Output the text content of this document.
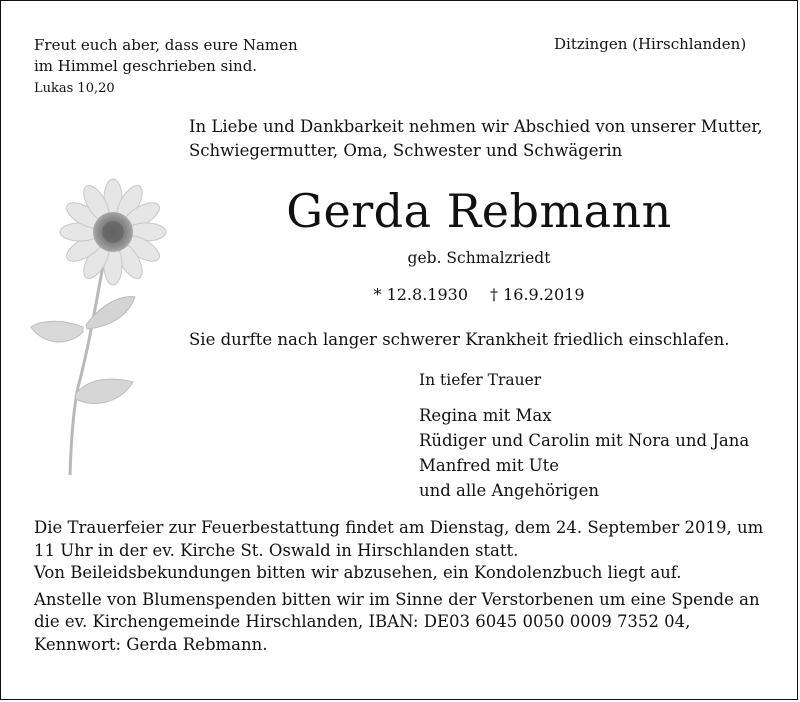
Freut euch aber, dass eure Namen
im Himmel geschrieben sind.
Lukas 10,20
Ditzingen (Hirschlanden)
In Liebe und Dankbarkeit nehmen wir Abschied von unserer Mutter,
Schwiegermutter, Oma, Schwester und Schwägerin
Gerda Rebmann
geb. Schmalzriedt
* 12.8.1930 † 16.9.2019
Sie durfte nach langer schwerer Krankheit friedlich einschlafen.
In tiefer Trauer
Regina mit Max
Rüdiger und Carolin mit Nora und Jana
Manfred mit Ute
und alle Angehörigen
Die Trauerfeier zur Feuerbestattung findet am Dienstag, dem 24. September 2019, um
11 Uhr in der ev. Kirche St. Oswald in Hirschlanden statt.
Von Beileidsbekundungen bitten wir abzusehen, ein Kondolenzbuch liegt auf.
Anstelle von Blumenspenden bitten wir im Sinne der Verstorbenen um eine Spende an
die ev. Kirchengemeinde Hirschlanden, IBAN: DE03 6045 0050 0009 7352 04,
Kennwort: Gerda Rebmann.
